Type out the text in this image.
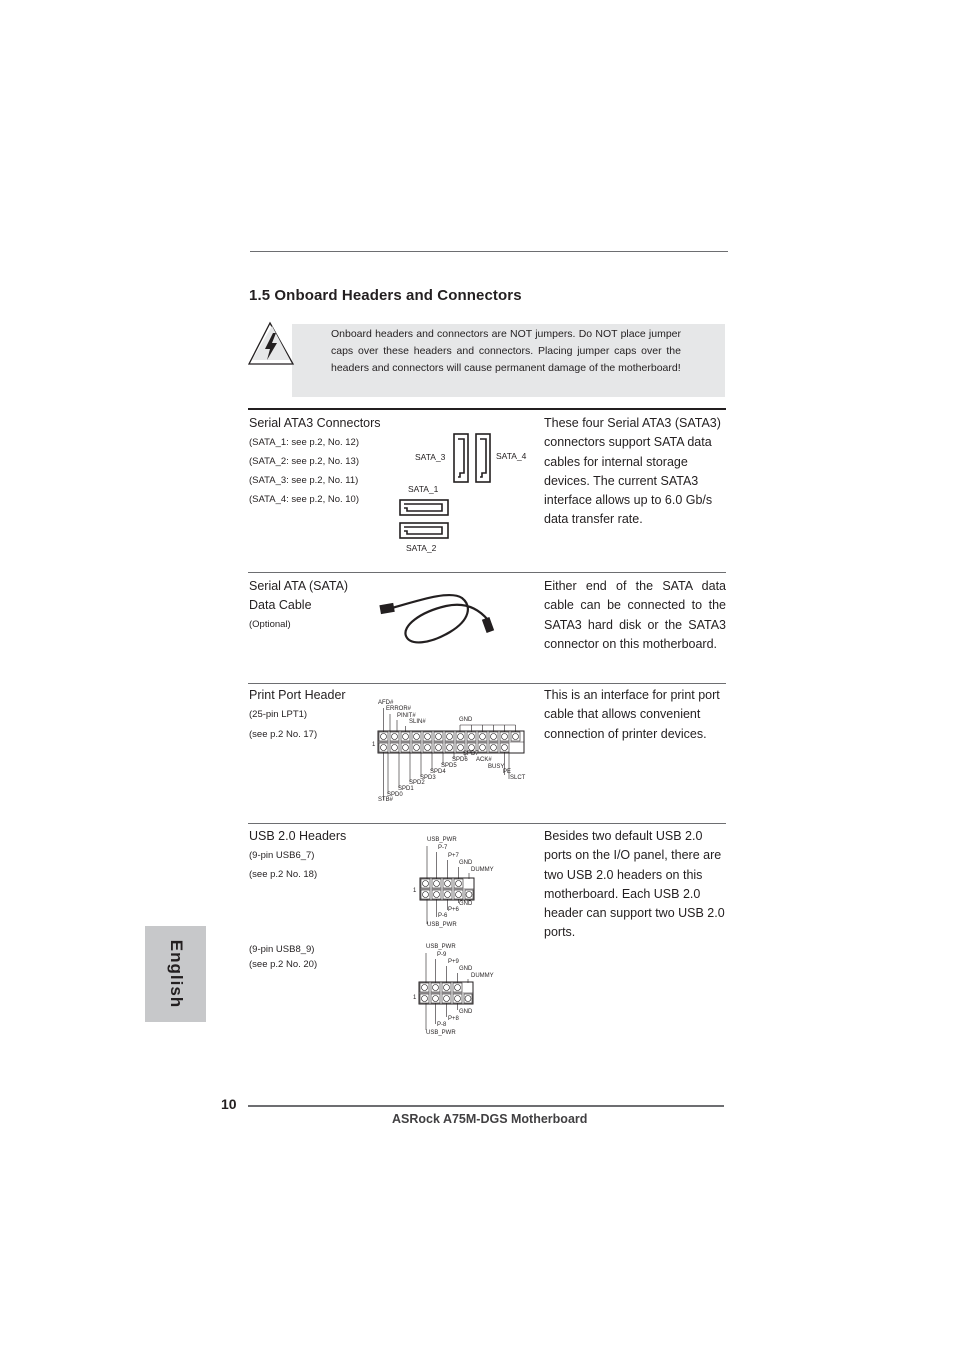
1.5 Onboard Headers and Connectors
Onboard headers and connectors are NOT jumpers. Do NOT place jumper caps over these headers and connectors. Placing jumper caps over the headers and connectors will cause permanent damage of the motherboard!
Serial ATA3 Connectors
(SATA_1: see p.2, No. 12)
(SATA_2: see p.2, No. 13)
(SATA_3: see p.2, No. 11)
(SATA_4: see p.2, No. 10)
SATA_3	SATA_4
SATA_1
SATA_2
These four Serial ATA3 (SATA3) connectors support SATA data cables for internal storage devices. The current SATA3 interface allows up to 6.0 Gb/s data transfer rate.
Serial ATA (SATA)
Data Cable
(Optional)
Either end of the SATA data cable can be connected to the SATA3 hard disk or the SATA3 connector on this motherboard.
Print Port Header
(25-pin LPT1)
(see p.2 No. 17)
AFD#
ERROR#
PINIT#
SLIN#	GND
1
SPD7
SPD6 ACK#
SPD5	BUSY
SPD4	PE
SPD3	SLCT
SPD2
SPD1
SPD0
STB#
This is an interface for print port cable that allows convenient connection of printer devices.
USB 2.0 Headers
(9-pin USB6_7)
(see p.2 No. 18)
USB_PWR
P-7
P+7
GND
DUMMY
1
GND
P+6
P-6
USB_PWR
(9-pin USB8_9)
(see p.2 No. 20)
USB_PWR
P-9
P+9
GND
DUMMY
1
GND
P+8
P-8
USB_PWR
Besides two default USB 2.0 ports on the I/O panel, there are two USB 2.0 headers on this motherboard. Each USB 2.0 header can support two USB 2.0 ports.
English
10
ASRock A75M-DGS Motherboard
